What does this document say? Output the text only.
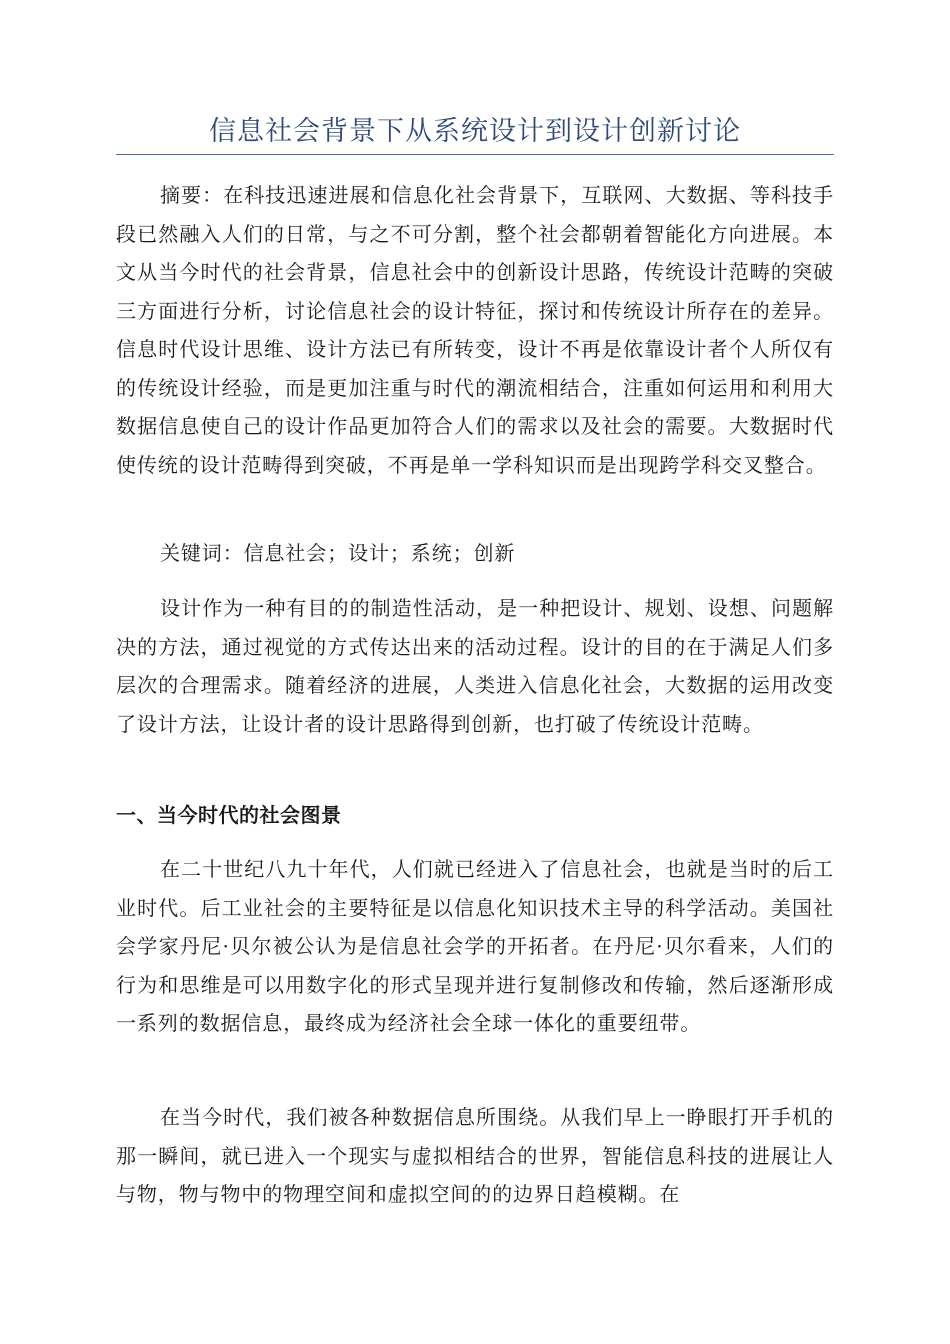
信息社会背景下从系统设计到设计创新讨论

摘要：在科技迅速进展和信息化社会背景下，互联网、大数据、等科技手段已然融入人们的日常，与之不可分割，整个社会都朝着智能化方向进展。本文从当今时代的社会背景，信息社会中的创新设计思路，传统设计范畴的突破三方面进行分析，讨论信息社会的设计特征，探讨和传统设计所存在的差异。信息时代设计思维、设计方法已有所转变，设计不再是依靠设计者个人所仅有的传统设计经验，而是更加注重与时代的潮流相结合，注重如何运用和利用大数据信息使自己的设计作品更加符合人们的需求以及社会的需要。大数据时代使传统的设计范畴得到突破，不再是单一学科知识而是出现跨学科交叉整合。

关键词：信息社会；设计；系统；创新

设计作为一种有目的的制造性活动，是一种把设计、规划、设想、问题解决的方法，通过视觉的方式传达出来的活动过程。设计的目的在于满足人们多层次的合理需求。随着经济的进展，人类进入信息化社会，大数据的运用改变了设计方法，让设计者的设计思路得到创新，也打破了传统设计范畴。

一、当今时代的社会图景

在二十世纪八九十年代，人们就已经进入了信息社会，也就是当时的后工业时代。后工业社会的主要特征是以信息化知识技术主导的科学活动。美国社会学家丹尼·贝尔被公认为是信息社会学的开拓者。在丹尼·贝尔看来，人们的行为和思维是可以用数字化的形式呈现并进行复制修改和传输，然后逐渐形成一系列的数据信息，最终成为经济社会全球一体化的重要纽带。

在当今时代，我们被各种数据信息所围绕。从我们早上一睁眼打开手机的那一瞬间，就已进入一个现实与虚拟相结合的世界，智能信息科技的进展让人与物，物与物中的物理空间和虚拟空间的的边界日趋模糊。在
